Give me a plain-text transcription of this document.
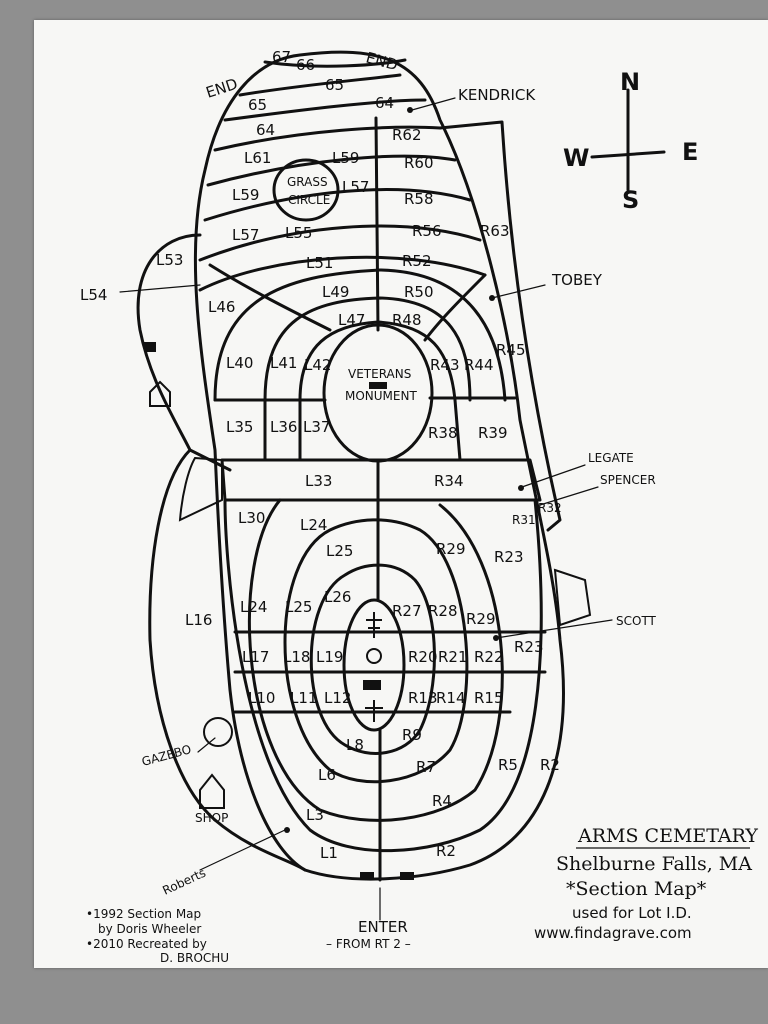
N
S
E
W
END
END
67 66
65
65
64
64
R62
L61	L59	R60
L59	L57
R58
L57 L55	R56	R63
L53	L51	R52
L54
L46
L49	R50
L47 R48
R45
L40 L41 L42	R43 R44
L35 L36 L37	R38 R39
L33	R34
L30 L24	R31
R32
L25	R29 R23
L16
L24 L25
L26
R27 R28 R29
L17 L18 L19	R20 R21 R22
R23
L10 L11 L12	R13
R14 R15
L8
R9
L6	R7	R5 R2
L3
R4
L1	R2
VETERANS
MONUMENT
GRASS
CIRCLE
KENDRICK
TOBEY
LEGATE
SPENCER
SCOTT
GAZEBO
SHOP
Roberts
ENTER
– FROM RT 2 –
•1992 Section Map
by Doris Wheeler
•2010 Recreated by
D. BROCHU
ARMS CEMETARY
Shelburne Falls, MA
*Section Map*
used for Lot I.D.
www.findagrave.com
